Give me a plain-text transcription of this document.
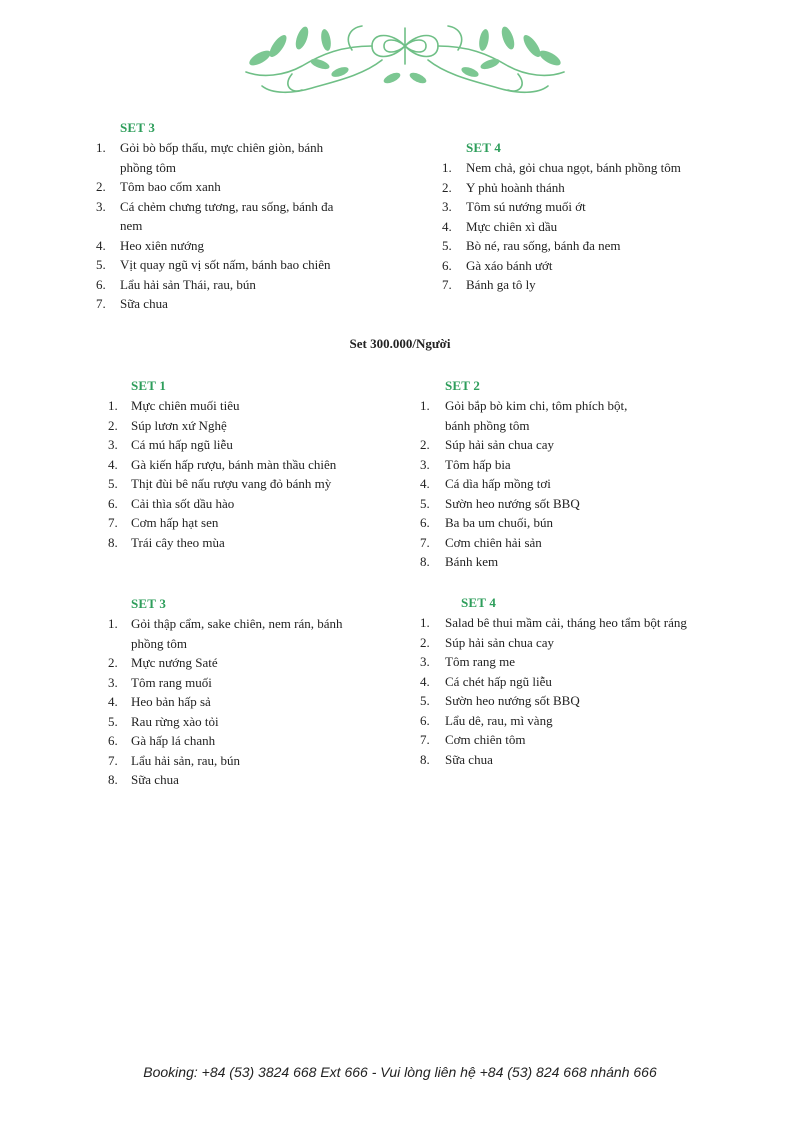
SET 3
1. Gỏi bò bốp thấu, mực chiên giòn, bánh
phồng tôm
2. Tôm bao cốm xanh
3. Cá chẻm chưng tương, rau sống, bánh đa
nem
4. Heo xiên nướng
5. Vịt quay ngũ vị sốt nấm, bánh bao chiên
6. Lẩu hải sản Thái, rau, bún
7. Sữa chua
SET 4
1. Nem chả, gỏi chua ngọt, bánh phồng tôm
2. Y phủ hoành thánh
3. Tôm sú nướng muối ớt
4. Mực chiên xì dầu
5. Bò né, rau sống, bánh đa nem
6. Gà xáo bánh ướt
7. Bánh ga tô ly
Set 300.000/Người
SET 1
1. Mực chiên muối tiêu
2. Súp lươn xứ Nghệ
3. Cá mú hấp ngũ liễu
4. Gà kiến hấp rượu, bánh màn thầu chiên
5. Thịt đùi bê nấu rượu vang đỏ bánh mỳ
6. Cải thìa sốt dầu hào
7. Cơm hấp hạt sen
8. Trái cây theo mùa
SET 2
1. Gỏi bắp bò kim chi, tôm phích bột,
bánh phồng tôm
2. Súp hải sản chua cay
3. Tôm hấp bia
4. Cá dìa hấp mồng tơi
5. Sườn heo nướng sốt BBQ
6. Ba ba um chuối, bún
7. Cơm chiên hải sản
8. Bánh kem
SET 3
1. Gỏi thập cẩm, sake chiên, nem rán, bánh
phồng tôm
2. Mực nướng Saté
3. Tôm rang muối
4. Heo bản hấp sả
5. Rau rừng xào tỏi
6. Gà hấp lá chanh
7. Lẩu hải sản, rau, bún
8. Sữa chua
SET 4
1. Salad bê thui mầm cải, tháng heo tẩm bột ráng
2. Súp hải sản chua cay
3. Tôm rang me
4. Cá chét hấp ngũ liễu
5. Sườn heo nướng sốt BBQ
6. Lẩu dê, rau, mì vàng
7. Cơm chiên tôm
8. Sữa chua
Booking: +84 (53) 3824 668 Ext 666 - Vui lòng liên hệ +84 (53) 824 668 nhánh 666
